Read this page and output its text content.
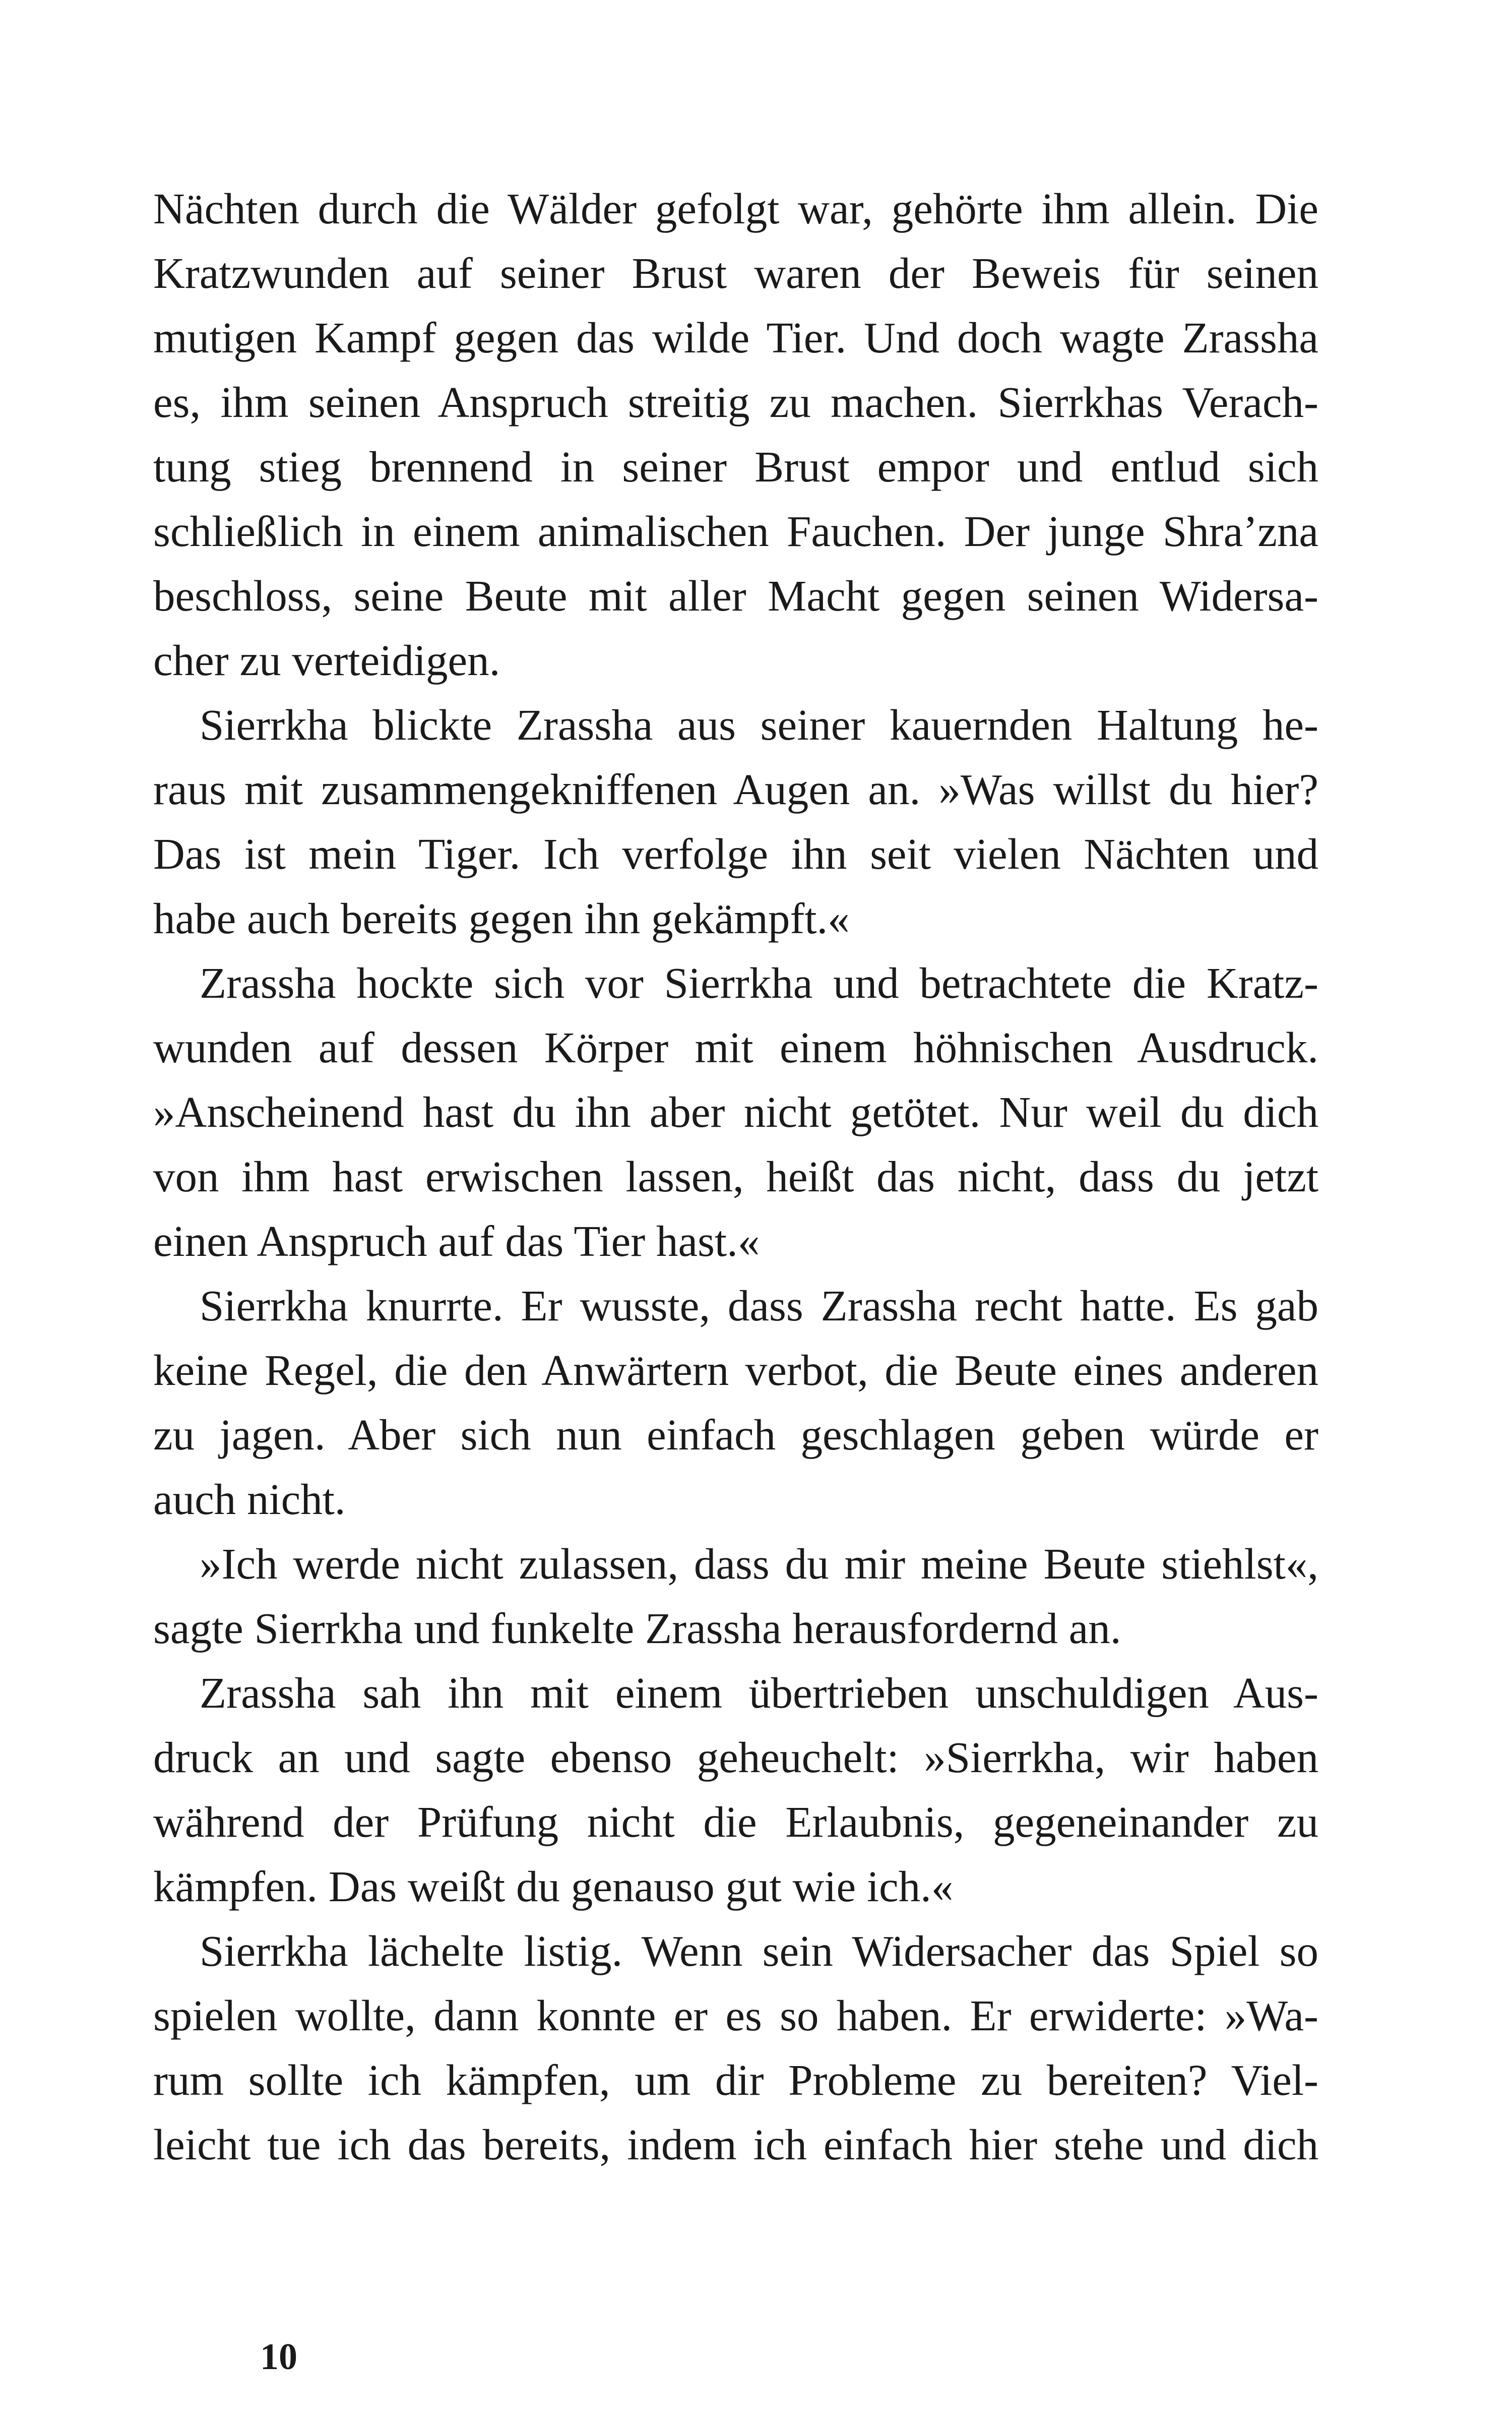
Nächten durch die Wälder gefolgt war, gehörte ihm allein. Die
Kratzwunden auf seiner Brust waren der Beweis für seinen
mutigen Kampf gegen das wilde Tier. Und doch wagte Zrassha
es, ihm seinen Anspruch streitig zu machen. Sierrkhas Verach-
tung stieg brennend in seiner Brust empor und entlud sich
schließlich in einem animalischen Fauchen. Der junge Shra’zna
beschloss, seine Beute mit aller Macht gegen seinen Widersa-
cher zu verteidigen.
Sierrkha blickte Zrassha aus seiner kauernden Haltung he-
raus mit zusammengekniffenen Augen an. »Was willst du hier?
Das ist mein Tiger. Ich verfolge ihn seit vielen Nächten und
habe auch bereits gegen ihn gekämpft.«
Zrassha hockte sich vor Sierrkha und betrachtete die Kratz-
wunden auf dessen Körper mit einem höhnischen Ausdruck.
»Anscheinend hast du ihn aber nicht getötet. Nur weil du dich
von ihm hast erwischen lassen, heißt das nicht, dass du jetzt
einen Anspruch auf das Tier hast.«
Sierrkha knurrte. Er wusste, dass Zrassha recht hatte. Es gab
keine Regel, die den Anwärtern verbot, die Beute eines anderen
zu jagen. Aber sich nun einfach geschlagen geben würde er
auch nicht.
»Ich werde nicht zulassen, dass du mir meine Beute stiehlst«,
sagte Sierrkha und funkelte Zrassha herausfordernd an.
Zrassha sah ihn mit einem übertrieben unschuldigen Aus-
druck an und sagte ebenso geheuchelt: »Sierrkha, wir haben
während der Prüfung nicht die Erlaubnis, gegeneinander zu
kämpfen. Das weißt du genauso gut wie ich.«
Sierrkha lächelte listig. Wenn sein Widersacher das Spiel so
spielen wollte, dann konnte er es so haben. Er erwiderte: »Wa-
rum sollte ich kämpfen, um dir Probleme zu bereiten? Viel-
leicht tue ich das bereits, indem ich einfach hier stehe und dich
10
